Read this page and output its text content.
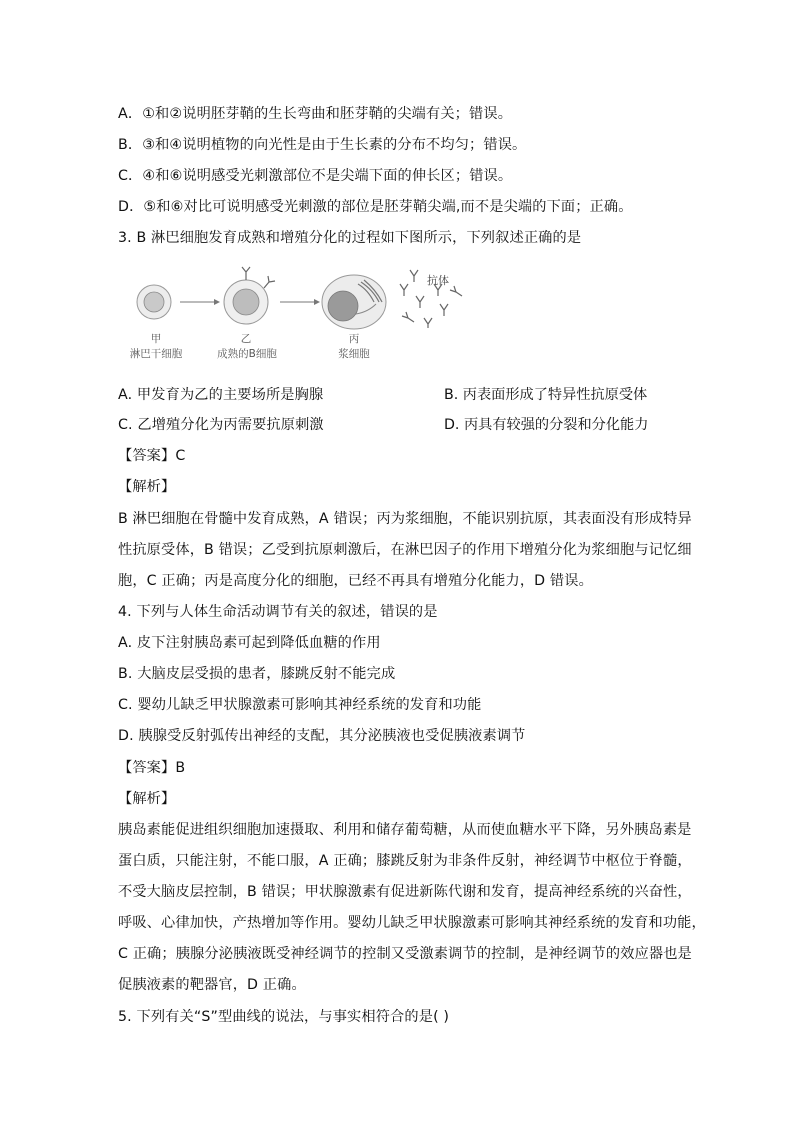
A．①和②说明胚芽鞘的生长弯曲和胚芽鞘的尖端有关；错误。
B．③和④说明植物的向光性是由于生长素的分布不均匀；错误。
C．④和⑥说明感受光刺激部位不是尖端下面的伸长区；错误。
D．⑤和⑥对比可说明感受光刺激的部位是胚芽鞘尖端,而不是尖端的下面；正确。
3. B 淋巴细胞发育成熟和增殖分化的过程如下图所示，下列叙述正确的是
抗体
甲
淋巴干细胞
乙
成熟的B细胞
丙
浆细胞
A. 甲发育为乙的主要场所是胸腺	B. 丙表面形成了特异性抗原受体
C. 乙增殖分化为丙需要抗原刺激	D. 丙具有较强的分裂和分化能力
【答案】C
【解析】
B 淋巴细胞在骨髓中发育成熟，A 错误；丙为浆细胞，不能识别抗原，其表面没有形成特异
性抗原受体，B 错误；乙受到抗原刺激后，在淋巴因子的作用下增殖分化为浆细胞与记忆细
胞，C 正确；丙是高度分化的细胞，已经不再具有增殖分化能力，D 错误。
4. 下列与人体生命活动调节有关的叙述，错误的是
A. 皮下注射胰岛素可起到降低血糖的作用
B. 大脑皮层受损的患者，膝跳反射不能完成
C. 婴幼儿缺乏甲状腺激素可影响其神经系统的发育和功能
D. 胰腺受反射弧传出神经的支配，其分泌胰液也受促胰液素调节
【答案】B
【解析】
胰岛素能促进组织细胞加速摄取、利用和储存葡萄糖，从而使血糖水平下降，另外胰岛素是
蛋白质，只能注射，不能口服，A 正确；膝跳反射为非条件反射，神经调节中枢位于脊髓，
不受大脑皮层控制，B 错误；甲状腺激素有促进新陈代谢和发育，提高神经系统的兴奋性，
呼吸、心律加快，产热增加等作用。婴幼儿缺乏甲状腺激素可影响其神经系统的发育和功能，
C 正确；胰腺分泌胰液既受神经调节的控制又受激素调节的控制，是神经调节的效应器也是
促胰液素的靶器官，D 正确。
5. 下列有关“S”型曲线的说法，与事实相符合的是( )
